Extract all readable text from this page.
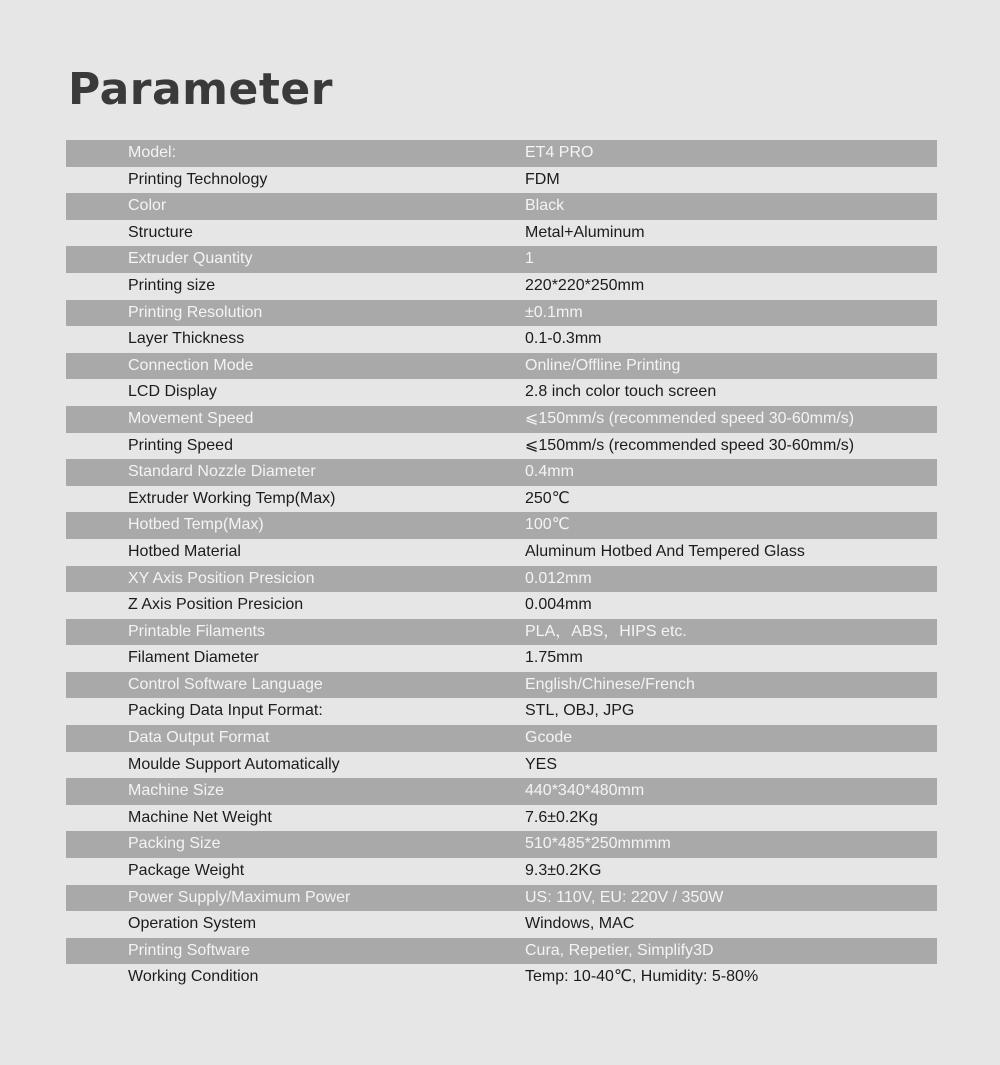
Parameter
Model:	ET4 PRO
Printing Technology	FDM
Color	Black
Structure	Metal+Aluminum
Extruder Quantity	1
Printing size	220*220*250mm
Printing Resolution	±0.1mm
Layer Thickness	0.1-0.3mm
Connection Mode	Online/Offline Printing
LCD Display	2.8 inch color touch screen
Movement Speed	⩽150mm/s (recommended speed 30-60mm/s)
Printing Speed	⩽150mm/s (recommended speed 30-60mm/s)
Standard Nozzle Diameter	0.4mm
Extruder Working Temp(Max)	250℃
Hotbed Temp(Max)	100℃
Hotbed Material	Aluminum Hotbed And Tempered Glass
XY Axis Position Presicion	0.012mm
Z Axis Position Presicion	0.004mm
Printable Filaments	PLA，ABS，HIPS etc.
Filament Diameter	1.75mm
Control Software Language	English/Chinese/French
Packing Data Input Format:	STL, OBJ, JPG
Data Output Format	Gcode
Moulde Support Automatically	YES
Machine Size	440*340*480mm
Machine Net Weight	7.6±0.2Kg
Packing Size	510*485*250mmmm
Package Weight	9.3±0.2KG
Power Supply/Maximum Power	US: 110V, EU: 220V / 350W
Operation System	Windows, MAC
Printing Software	Cura, Repetier, Simplify3D
Working Condition	Temp: 10-40℃, Humidity: 5-80%
